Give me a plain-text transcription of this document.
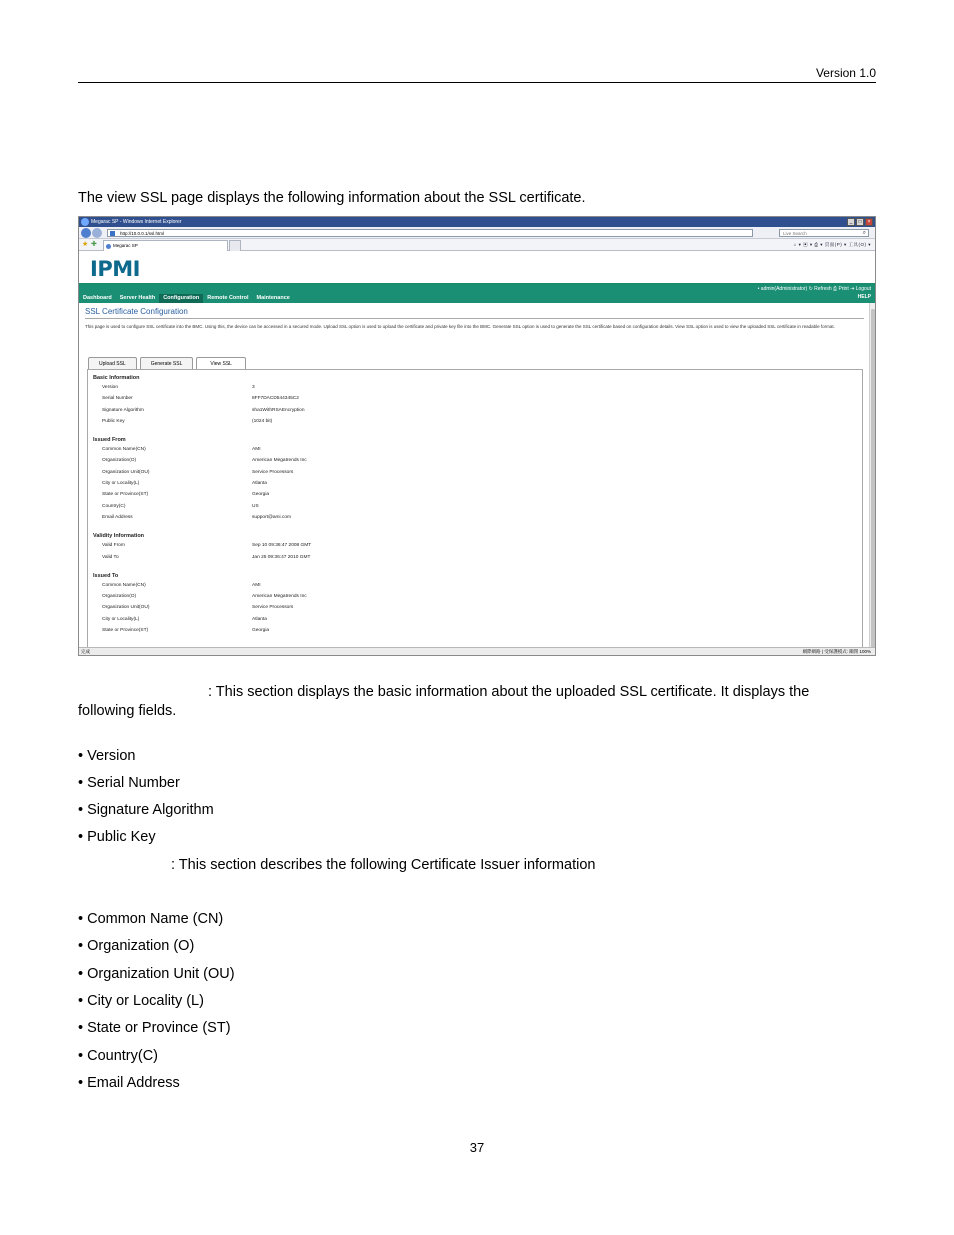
Version 1.0
The view SSL page displays the following information about the SSL certificate.
Megarac SP - Windows Internet Explorer	_	□	×
http://10.0.0.1/ssl.html	Live Search	⌕
★ ✚	Megarac SP	⌂ ▾ ▣ ▾ ⎙ ▾ 頁面(P) ▾ 工具(O) ▾
IPMI
• admin(Administrator) ↻ Refresh ⎙ Print ⇥ Logout
HELP
Dashboard	Server Health	Configuration	Remote Control	Maintenance
SSL Certificate Configuration
This page is used to configure SSL certificate into the BMC. Using this, the device can be accessed in a secured mode. Upload SSL option is used to upload the certificate and private key file into the BMC. Generate SSL option is used to generate the SSL certificate based on configuration details. View SSL option is used to view the uploaded SSL certificate in readable format.
Upload SSL	Generate SSL	View SSL
Basic Information
Version	3
Serial Number	8FF7DACD544345C2
Signature Algorithm	sha1WithRSAEncryption
Public Key	(1024 bit)
Issued From
Common Name(CN)	AMI
Organization(O)	American Megatrends Inc
Organization Unit(OU)	Service Processors
City or Locality(L)	Atlanta
State or Province(ST)	Georgia
Country(C)	US
Email Address	support@ami.com
Validity Information
Valid From	Sep 10 09:36:47 2008 GMT
Valid To	Jan 25 09:36:47 2010 GMT
Issued To
Common Name(CN)	AMI
Organization(O)	American Megatrends Inc
Organization Unit(OU)	Service Processors
City or Locality(L)	Atlanta
State or Province(ST)	Georgia
完成	網際網路 | 受保護模式: 關閉 100%
: This section displays the basic information about the uploaded SSL certificate. It displays the
following fields.
• Version
• Serial Number
• Signature Algorithm
• Public Key
: This section describes the following Certificate Issuer information
• Common Name (CN)
• Organization (O)
• Organization Unit (OU)
• City or Locality (L)
• State or Province (ST)
• Country(C)
• Email Address
37
